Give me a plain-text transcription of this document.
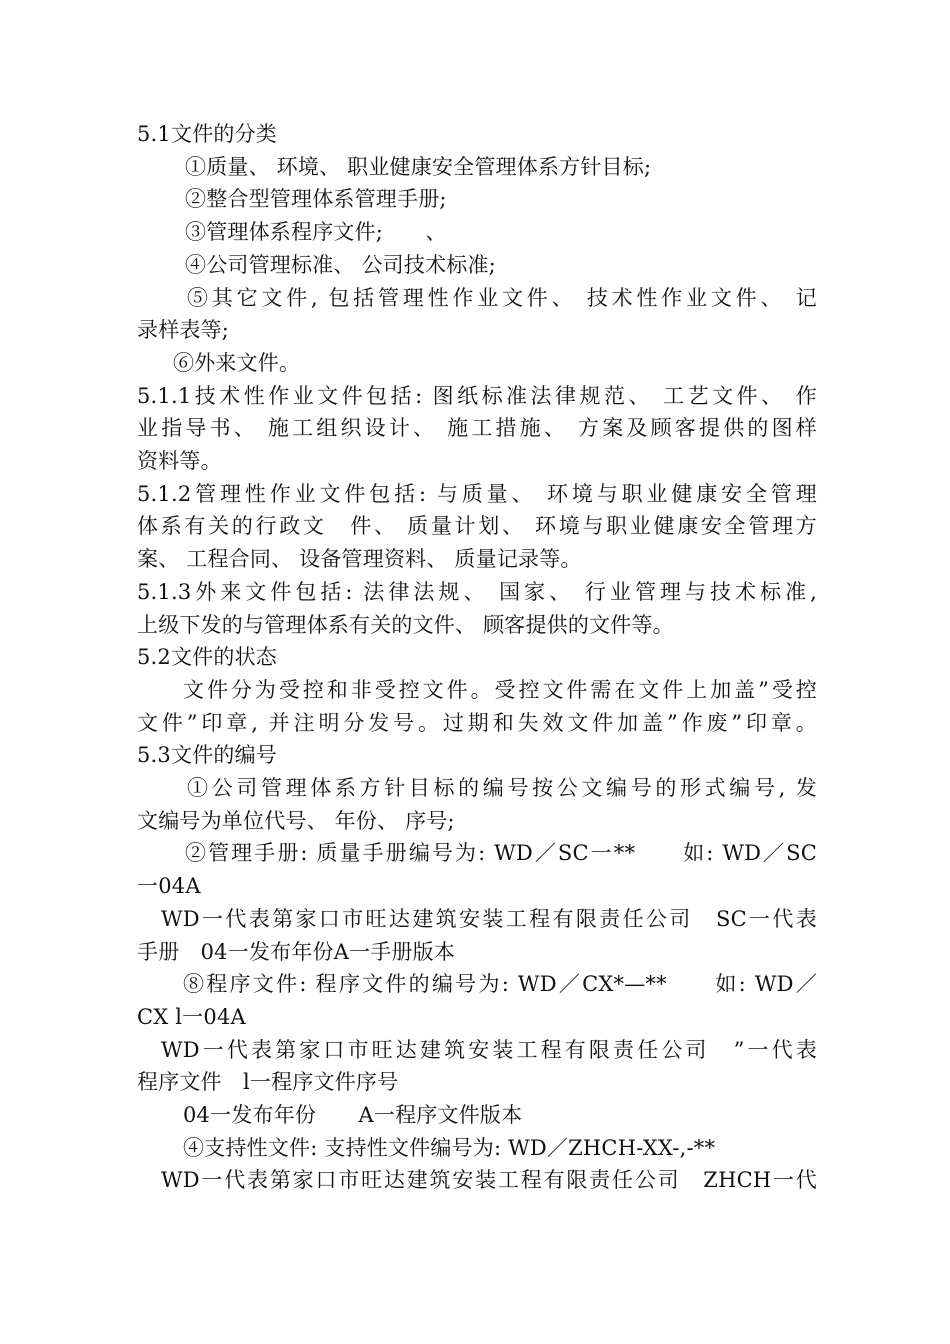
5.1文件的分类
①质量、 环境、 职业健康安全管理体系方针目标;
②整合型管理体系管理手册;
③管理体系程序文件;　　、
④公司管理标准、 公司技术标准;
⑤其它文件, 包括管理性作业文件、 技术性作业文件、 记
录样表等;
⑥外来文件。
5.1.1技术性作业文件包括: 图纸标准法律规范、 工艺文件、 作
业指导书、 施工组织设计、 施工措施、 方案及顾客提供的图样
资料等。
5.1.2管理性作业文件包括: 与质量、 环境与职业健康安全管理
体系有关的行政文　件、 质量计划、 环境与职业健康安全管理方
案、 工程合同、 设备管理资料、 质量记录等。
5.1.3外来文件包括: 法律法规、 国家、 行业管理与技术标准,
上级下发的与管理体系有关的文件、 顾客提供的文件等。
5.2文件的状态
文件分为受控和非受控文件。受控文件需在文件上加盖”受控
文件”印章, 并注明分发号。过期和失效文件加盖”作废”印章。
5.3文件的编号
①公司管理体系方针目标的编号按公文编号的形式编号, 发
文编号为单位代号、 年份、 序号;
②管理手册: 质量手册编号为: WD／SC一**　　如: WD／SC
一04A
WD一代表第家口市旺达建筑安装工程有限责任公司　SC一代表
手册　04一发布年份A一手册版本
⑧程序文件: 程序文件的编号为: WD／CX*—**　　如: WD／
CX l一04A
WD一代表第家口市旺达建筑安装工程有限责任公司　”一代表
程序文件　l一程序文件序号
04一发布年份　　A一程序文件版本
④支持性文件: 支持性文件编号为: WD／ZHCH-XX-,-**
WD一代表第家口市旺达建筑安装工程有限责任公司　ZHCH一代
